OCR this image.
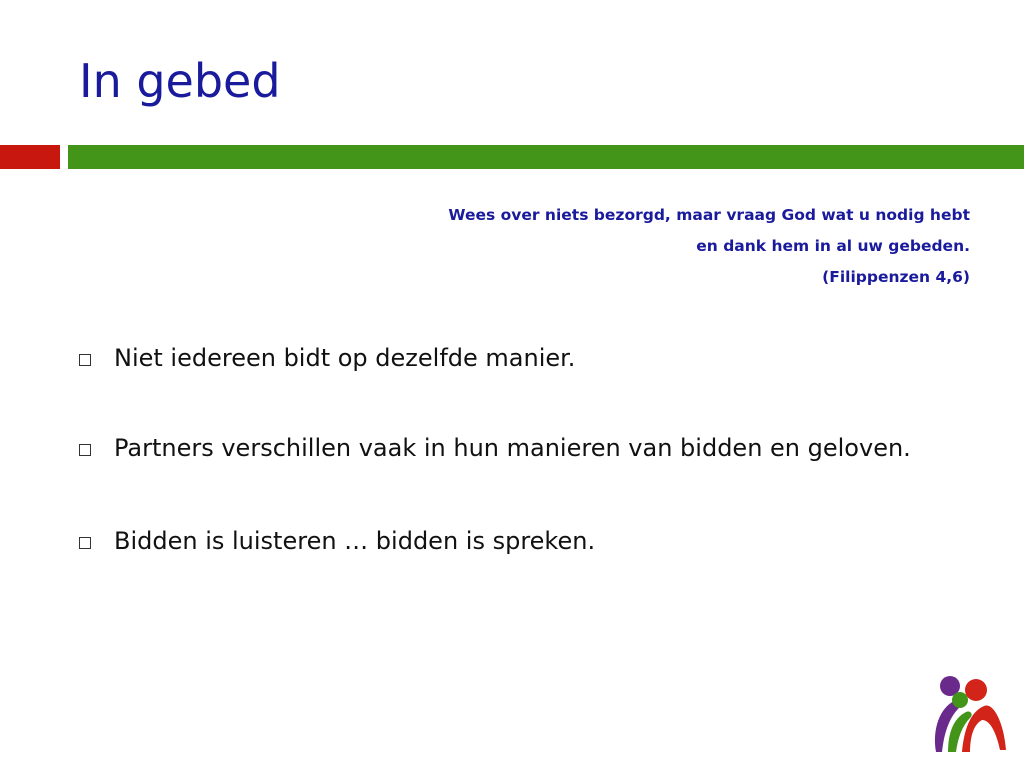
In gebed
Wees over niets bezorgd, maar vraag God wat u nodig hebt
en dank hem in al uw gebeden.
(Filippenzen 4,6)
Niet iedereen bidt op dezelfde manier.
Partners verschillen vaak in hun manieren van bidden en geloven.
Bidden is luisteren … bidden is spreken.
